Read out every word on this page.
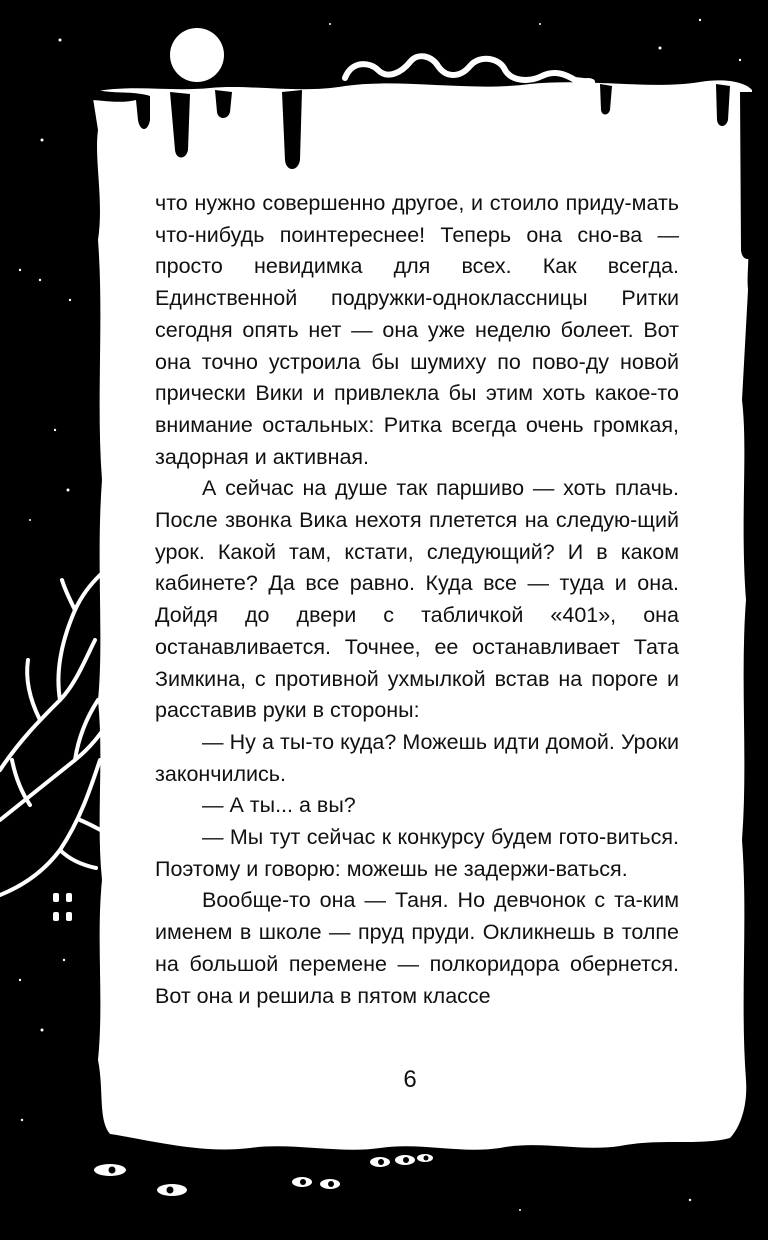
что нужно совершенно другое, и стоило приду-мать что-нибудь поинтереснее! Теперь она сно-ва — просто невидимка для всех. Как всегда. Единственной подружки-одноклассницы Ритки сегодня опять нет — она уже неделю болеет. Вот она точно устроила бы шумиху по пово-ду новой прически Вики и привлекла бы этим хоть какое-то внимание остальных: Ритка всегда очень громкая, задорная и активная.

А сейчас на душе так паршиво — хоть плачь. После звонка Вика нехотя плетется на следую-щий урок. Какой там, кстати, следующий? И в каком кабинете? Да все равно. Куда все — туда и она. Дойдя до двери с табличкой «401», она останавливается. Точнее, ее останавливает Тата Зимкина, с противной ухмылкой встав на пороге и расставив руки в стороны:

— Ну а ты-то куда? Можешь идти домой. Уроки закончились.

— А ты... а вы?

— Мы тут сейчас к конкурсу будем гото-виться. Поэтому и говорю: можешь не задержи-ваться.

Вообще-то она — Таня. Но девчонок с та-ким именем в школе — пруд пруди. Окликнешь в толпе на большой перемене — полкоридора обернется. Вот она и решила в пятом классе

6
